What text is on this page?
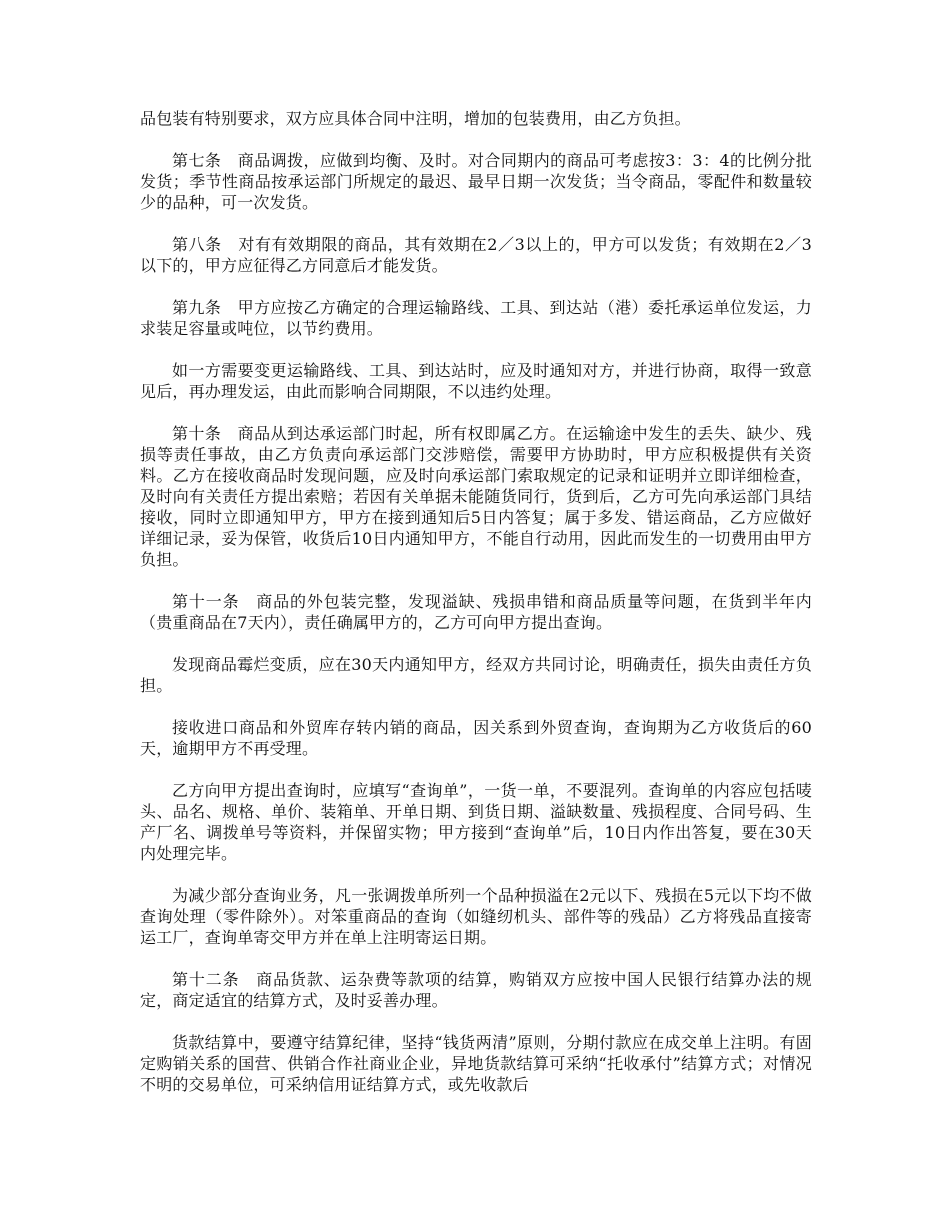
品包装有特别要求，双方应具体合同中注明，增加的包装费用，由乙方负担。

第七条　商品调拨，应做到均衡、及时。对合同期内的商品可考虑按3：3：4的比例分批发货；季节性商品按承运部门所规定的最迟、最早日期一次发货；当令商品，零配件和数量较少的品种，可一次发货。

第八条　对有有效期限的商品，其有效期在2／3以上的，甲方可以发货；有效期在2／3以下的，甲方应征得乙方同意后才能发货。

第九条　甲方应按乙方确定的合理运输路线、工具、到达站（港）委托承运单位发运，力求装足容量或吨位，以节约费用。

如一方需要变更运输路线、工具、到达站时，应及时通知对方，并进行协商，取得一致意见后，再办理发运，由此而影响合同期限，不以违约处理。

第十条　商品从到达承运部门时起，所有权即属乙方。在运输途中发生的丢失、缺少、残损等责任事故，由乙方负责向承运部门交涉赔偿，需要甲方协助时，甲方应积极提供有关资料。乙方在接收商品时发现问题，应及时向承运部门索取规定的记录和证明并立即详细检查，及时向有关责任方提出索赔；若因有关单据未能随货同行，货到后，乙方可先向承运部门具结接收，同时立即通知甲方，甲方在接到通知后5日内答复；属于多发、错运商品，乙方应做好详细记录，妥为保管，收货后10日内通知甲方，不能自行动用，因此而发生的一切费用由甲方负担。

第十一条　商品的外包装完整，发现溢缺、残损串错和商品质量等问题，在货到半年内（贵重商品在7天内），责任确属甲方的，乙方可向甲方提出查询。

发现商品霉烂变质，应在30天内通知甲方，经双方共同讨论，明确责任，损失由责任方负担。

接收进口商品和外贸库存转内销的商品，因关系到外贸查询，查询期为乙方收货后的60天，逾期甲方不再受理。

乙方向甲方提出查询时，应填写“查询单”，一货一单，不要混列。查询单的内容应包括唛头、品名、规格、单价、装箱单、开单日期、到货日期、溢缺数量、残损程度、合同号码、生产厂名、调拨单号等资料，并保留实物；甲方接到“查询单”后，10日内作出答复，要在30天内处理完毕。

为减少部分查询业务，凡一张调拨单所列一个品种损溢在2元以下、残损在5元以下均不做查询处理（零件除外）。对笨重商品的查询（如缝纫机头、部件等的残品）乙方将残品直接寄运工厂，查询单寄交甲方并在单上注明寄运日期。

第十二条　商品货款、运杂费等款项的结算，购销双方应按中国人民银行结算办法的规定，商定适宜的结算方式，及时妥善办理。

货款结算中，要遵守结算纪律，坚持“钱货两清”原则，分期付款应在成交单上注明。有固定购销关系的国营、供销合作社商业企业，异地货款结算可采纳“托收承付”结算方式；对情况不明的交易单位，可采纳信用证结算方式，或先收款后
